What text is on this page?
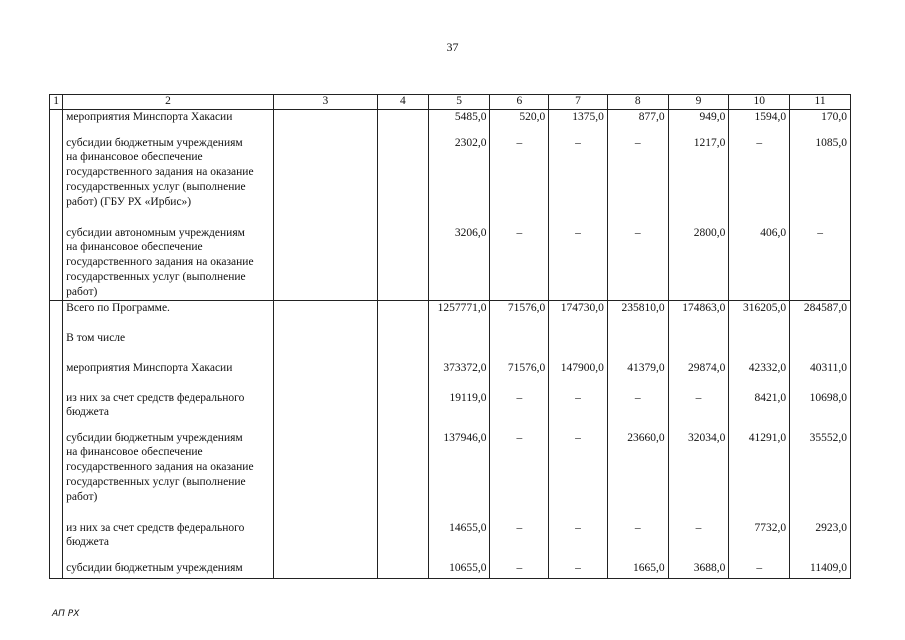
37
1	2	3	4	5	6	7	8	9	10	11

	мероприятия Минспорта Хакасии			5485,0	520,0	1375,0	877,0	949,0	1594,0	170,0

	субсидии бюджетным учреждениям
на финансовое обеспечение
государственного задания на оказание
государственных услуг (выполнение
работ) (ГБУ РХ «Ирбис»)			2302,0	–	–	–	1217,0	–	1085,0

	субсидии автономным учреждениям
на финансовое обеспечение
государственного задания на оказание
государственных услуг (выполнение
работ)			3206,0	–	–	–	2800,0	406,0	–

	Всего по Программе.			1257771,0	71576,0	174730,0	235810,0	174863,0	316205,0	284587,0

	В том числе									

	мероприятия Минспорта Хакасии			373372,0	71576,0	147900,0	41379,0	29874,0	42332,0	40311,0

	из них за счет средств федерального
бюджета			19119,0	–	–	–	–	8421,0	10698,0

	субсидии бюджетным учреждениям
на финансовое обеспечение
государственного задания на оказание
государственных услуг (выполнение
работ)			137946,0	–	–	23660,0	32034,0	41291,0	35552,0

	из них за счет средств федерального
бюджета			14655,0	–	–	–	–	7732,0	2923,0

	субсидии бюджетным учреждениям			10655,0	–	–	1665,0	3688,0	–	11409,0
АП РХ
